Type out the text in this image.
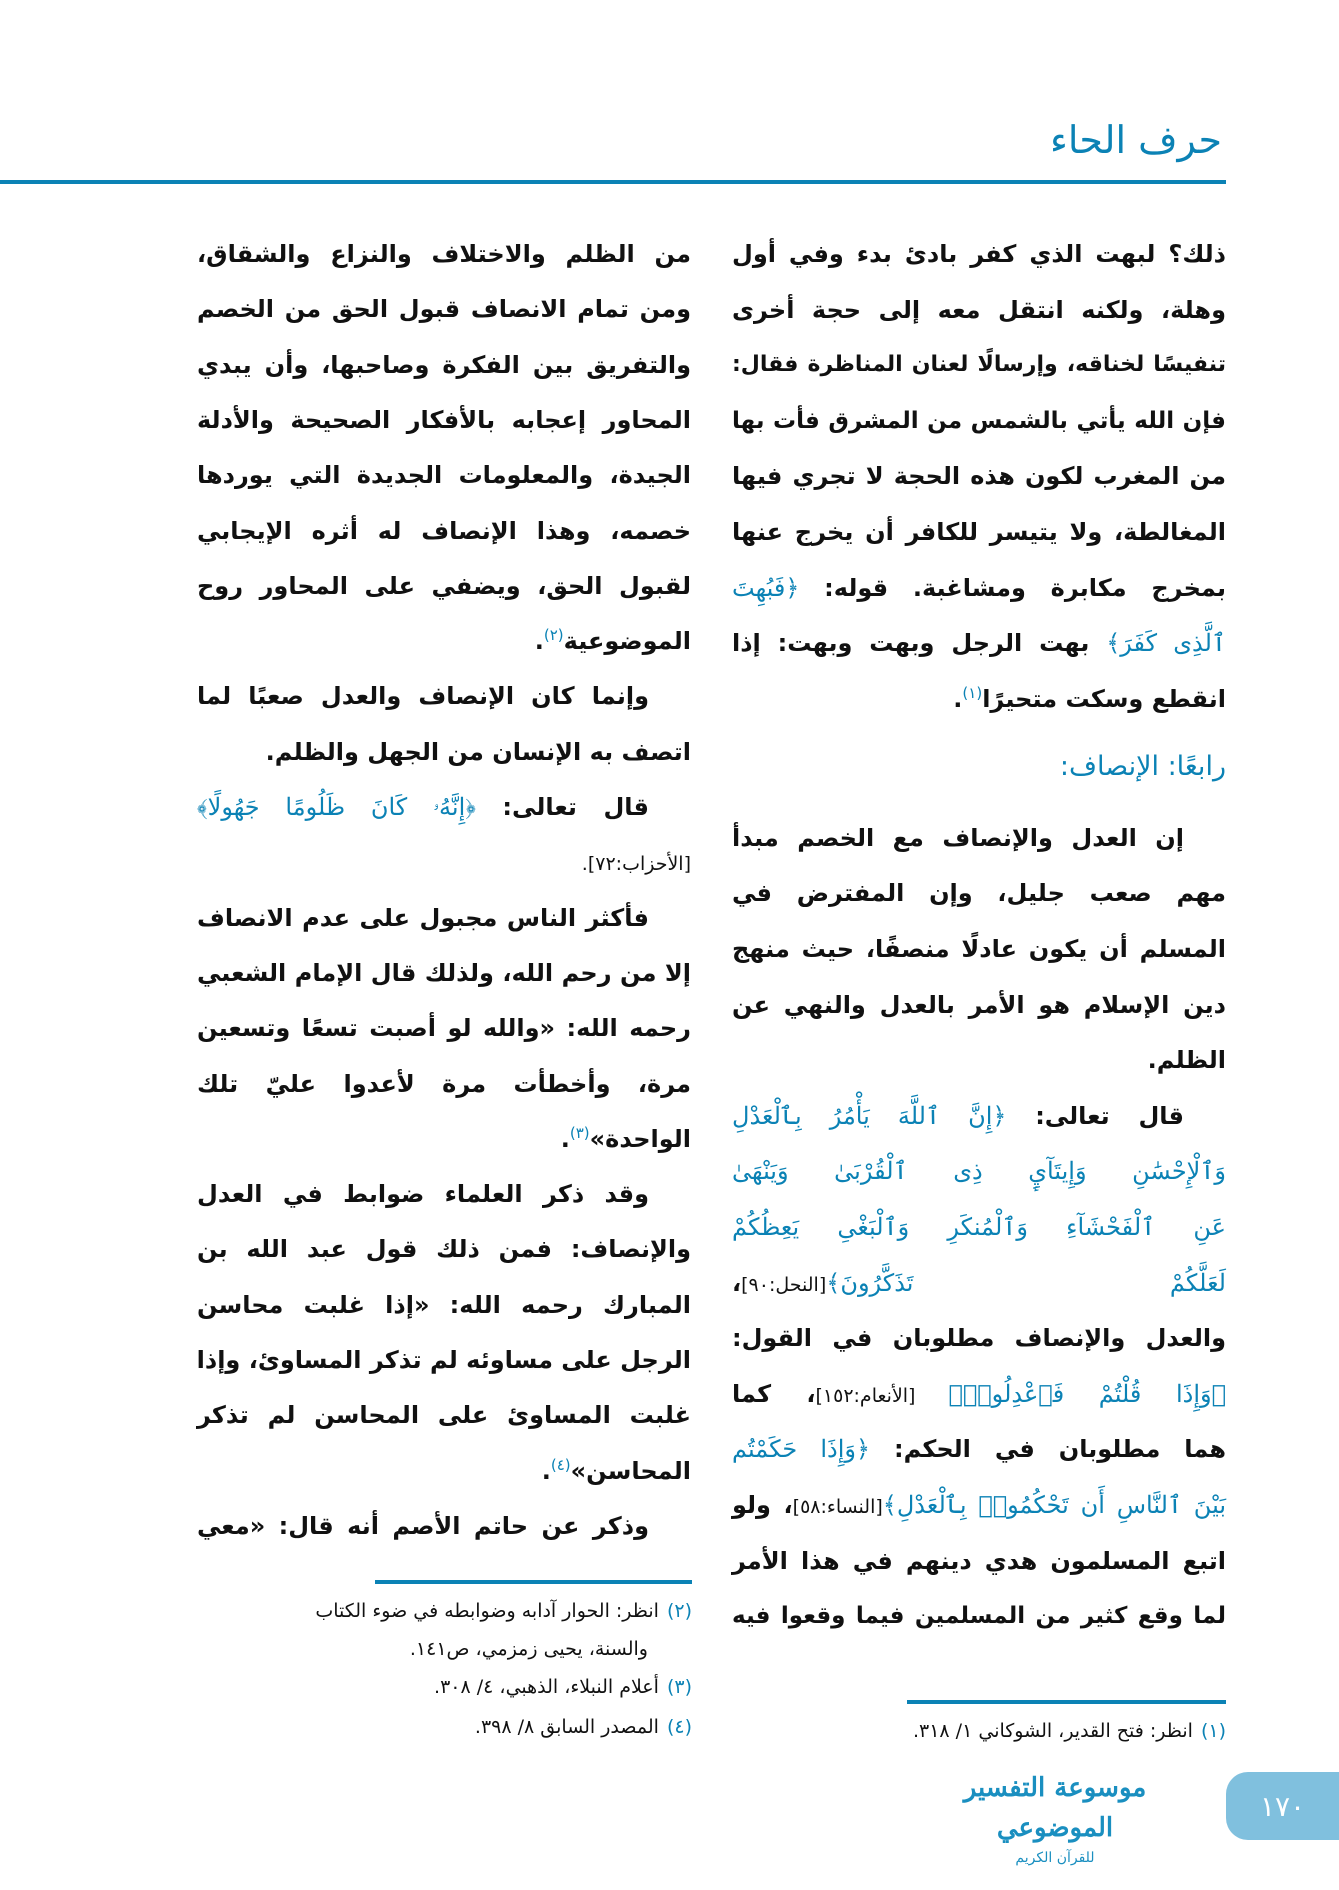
حرف الحاء
ذلك؟ لبهت الذي كفر بادئ بدء وفي أول
وهلة، ولكنه انتقل معه إلى حجة أخرى
تنفيسًا لخناقه، وإرسالًا لعنان المناظرة فقال:
فإن الله يأتي بالشمس من المشرق فأت بها
من المغرب لكون هذه الحجة لا تجري فيها
المغالطة، ولا يتيسر للكافر أن يخرج عنها
بمخرج مكابرة ومشاغبة. قوله: ﴿فَبُهِتَ
ٱلَّذِى كَفَرَ﴾ بهت الرجل وبهت وبهت: إذا
انقطع وسكت متحيرًا$^{(١)}$.
رابعًا: الإنصاف:
إن العدل والإنصاف مع الخصم مبدأ
مهم صعب جليل، وإن المفترض في
المسلم أن يكون عادلًا منصفًا، حيث منهج
دين الإسلام هو الأمر بالعدل والنهي عن
الظلم.
قال تعالى: ﴿إِنَّ ٱللَّهَ يَأْمُرُ بِٱلْعَدْلِ
وَٱلْإِحْسَٰنِ وَإِيتَآيِٕ ذِى ٱلْقُرْبَىٰ وَيَنْهَىٰ
عَنِ ٱلْفَحْشَآءِ وَٱلْمُنكَرِ وَٱلْبَغْىِ يَعِظُكُمْ
لَعَلَّكُمْ تَذَكَّرُونَ﴾[النحل:٩٠]،
والعدل والإنصاف مطلوبان في القول:
﴿وَإِذَا قُلْتُمْ فَٱعْدِلُوا۟﴾ [الأنعام:١٥٢]، كما
هما مطلوبان في الحكم: ﴿وَإِذَا حَكَمْتُم
بَيْنَ ٱلنَّاسِ أَن تَحْكُمُوا۟ بِٱلْعَدْلِ﴾[النساء:٥٨]، ولو
اتبع المسلمون هدي دينهم في هذا الأمر
لما وقع كثير من المسلمين فيما وقعوا فيه
من الظلم والاختلاف والنزاع والشقاق،
ومن تمام الانصاف قبول الحق من الخصم
والتفريق بين الفكرة وصاحبها، وأن يبدي
المحاور إعجابه بالأفكار الصحيحة والأدلة
الجيدة، والمعلومات الجديدة التي يوردها
خصمه، وهذا الإنصاف له أثره الإيجابي
لقبول الحق، ويضفي على المحاور روح
الموضوعية$^{(٢)}$.
وإنما كان الإنصاف والعدل صعبًا لما
اتصف به الإنسان من الجهل والظلم.
قال تعالى: ﴿إِنَّهُۥ كَانَ ظَلُومًا جَهُولًا﴾
[الأحزاب:٧٢].
فأكثر الناس مجبول على عدم الانصاف
إلا من رحم الله، ولذلك قال الإمام الشعبي
رحمه الله: «والله لو أصبت تسعًا وتسعين
مرة، وأخطأت مرة لأعدوا عليّ تلك
الواحدة»$^{(٣)}$.
وقد ذكر العلماء ضوابط في العدل
والإنصاف: فمن ذلك قول عبد الله بن
المبارك رحمه الله: «إذا غلبت محاسن
الرجل على مساوئه لم تذكر المساوئ، وإذا
غلبت المساوئ على المحاسن لم تذكر
المحاسن»$^{(٤)}$.
وذكر عن حاتم الأصم أنه قال: «معي
(١)انظر: فتح القدير، الشوكاني ١/ ٣١٨.
(٢)انظر: الحوار آدابه وضوابطه في ضوء الكتاب
والسنة، يحيى زمزمي، ص١٤١.
(٣)أعلام النبلاء، الذهبي، ٤/ ٣٠٨.
(٤)المصدر السابق ٨/ ٣٩٨.
موسوعة التفسير الموضوعي
للقرآن الكريم
١٧٠
